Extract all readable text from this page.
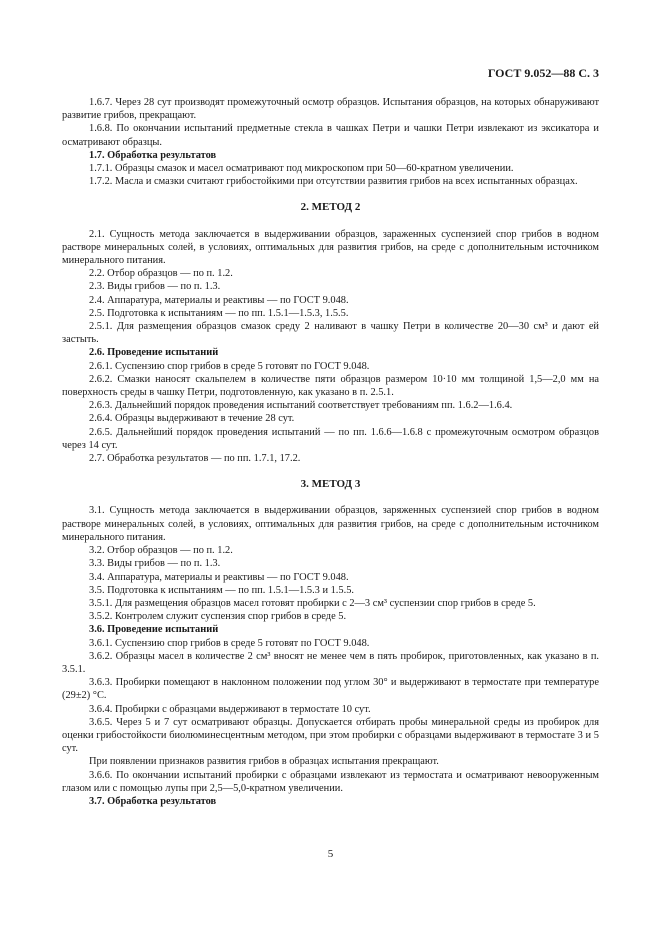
ГОСТ 9.052—88 С. 3

1.6.7. Через 28 сут производят промежуточный осмотр образцов. Испытания образцов, на которых обнаруживают развитие грибов, прекращают.

1.6.8. По окончании испытаний предметные стекла в чашках Петри и чашки Петри извлекают из эксикатора и осматривают образцы.

1.7. Обработка результатов

1.7.1. Образцы смазок и масел осматривают под микроскопом при 50—60-кратном увеличении.

1.7.2. Масла и смазки считают грибостойкими при отсутствии развития грибов на всех испытанных образцах.

2. МЕТОД 2

2.1. Сущность метода заключается в выдерживании образцов, зараженных суспензией спор грибов в водном растворе минеральных солей, в условиях, оптимальных для развития грибов, на среде с дополнительным источником минерального питания.

2.2. Отбор образцов — по п. 1.2.

2.3. Виды грибов — по п. 1.3.

2.4. Аппаратура, материалы и реактивы — по ГОСТ 9.048.

2.5. Подготовка к испытаниям — по пп. 1.5.1—1.5.3, 1.5.5.

2.5.1. Для размещения образцов смазок среду 2 наливают в чашку Петри в количестве 20—30 см³ и дают ей застыть.

2.6. Проведение испытаний

2.6.1. Суспензию спор грибов в среде 5 готовят по ГОСТ 9.048.

2.6.2. Смазки наносят скальпелем в количестве пяти образцов размером 10·10 мм толщиной 1,5—2,0 мм на поверхность среды в чашку Петри, подготовленную, как указано в п. 2.5.1.

2.6.3. Дальнейший порядок проведения испытаний соответствует требованиям пп. 1.6.2—1.6.4.

2.6.4. Образцы выдерживают в течение 28 сут.

2.6.5. Дальнейший порядок проведения испытаний — по пп. 1.6.6—1.6.8 с промежуточным осмотром образцов через 14 сут.

2.7. Обработка результатов — по пп. 1.7.1, 17.2.

3. МЕТОД 3

3.1. Сущность метода заключается в выдерживании образцов, заряженных суспензией спор грибов в водном растворе минеральных солей, в условиях, оптимальных для развития грибов, на среде с дополнительным источником минерального питания.

3.2. Отбор образцов — по п. 1.2.

3.3. Виды грибов — по п. 1.3.

3.4. Аппаратура, материалы и реактивы — по ГОСТ 9.048.

3.5. Подготовка к испытаниям — по пп. 1.5.1—1.5.3 и 1.5.5.

3.5.1. Для размещения образцов масел готовят пробирки с 2—3 см³ суспензии спор грибов в среде 5.

3.5.2. Контролем служит суспензия спор грибов в среде 5.

3.6. Проведение испытаний

3.6.1. Суспензию спор грибов в среде 5 готовят по ГОСТ 9.048.

3.6.2. Образцы масел в количестве 2 см³ вносят не менее чем в пять пробирок, приготовленных, как указано в п. 3.5.1.

3.6.3. Пробирки помещают в наклонном положении под углом 30° и выдерживают в термостате при температуре (29±2) °С.

3.6.4. Пробирки с образцами выдерживают в термостате 10 сут.

3.6.5. Через 5 и 7 сут осматривают образцы. Допускается отбирать пробы минеральной среды из пробирок для оценки грибостойкости биолюминесцентным методом, при этом пробирки с образцами выдерживают в термостате 3 и 5 сут.

При появлении признаков развития грибов в образцах испытания прекращают.

3.6.6. По окончании испытаний пробирки с образцами извлекают из термостата и осматривают невооруженным глазом или с помощью лупы при 2,5—5,0-кратном увеличении.

3.7. Обработка результатов

5
